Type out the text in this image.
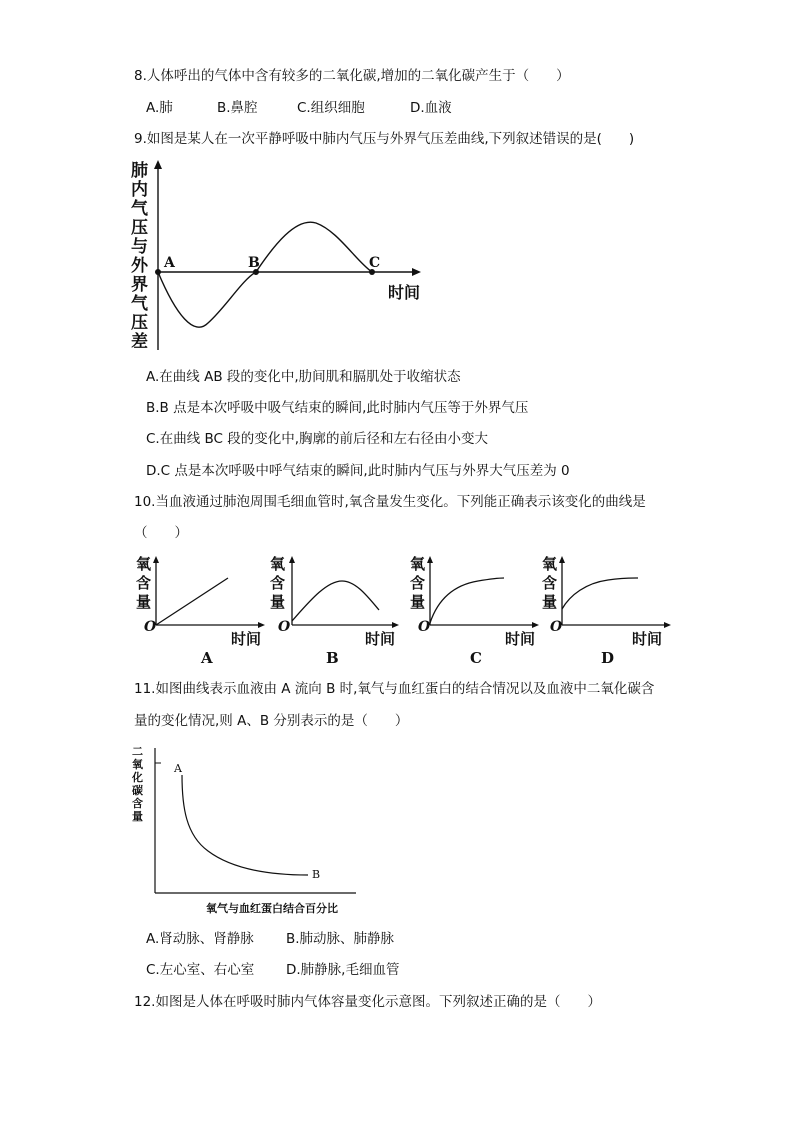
8.人体呼出的气体中含有较多的二氧化碳,增加的二氧化碳产生于（　　）
A.肺	B.鼻腔	C.组织细胞	D.血液
9.如图是某人在一次平静呼吸中肺内气压与外界气压差曲线,下列叙述错误的是(　　)
肺
内
气
压
与
外
界
气
压
差
A	B	C
时间
A.在曲线 AB 段的变化中,肋间肌和膈肌处于收缩状态
B.B 点是本次呼吸中吸气结束的瞬间,此时肺内气压等于外界气压
C.在曲线 BC 段的变化中,胸廓的前后径和左右径由小变大
D.C 点是本次呼吸中呼气结束的瞬间,此时肺内气压与外界大气压差为 0
10.当血液通过肺泡周围毛细血管时,氧含量发生变化。下列能正确表示该变化的曲线是
（　　）
氧
含
量
O
时间
A
氧
含
量
O
时间
B
氧
含
量
O
时间
C
氧
含
量
O
时间
D
11.如图曲线表示血液由 A 流向 B 时,氧气与血红蛋白的结合情况以及血液中二氧化碳含
量的变化情况,则 A、B 分别表示的是（　　）
二
氧
化
碳
含
量
A
B
氧气与血红蛋白结合百分比
A.肾动脉、肾静脉 B.肺动脉、肺静脉
C.左心室、右心室 D.肺静脉,毛细血管
12.如图是人体在呼吸时肺内气体容量变化示意图。下列叙述正确的是（　　）
